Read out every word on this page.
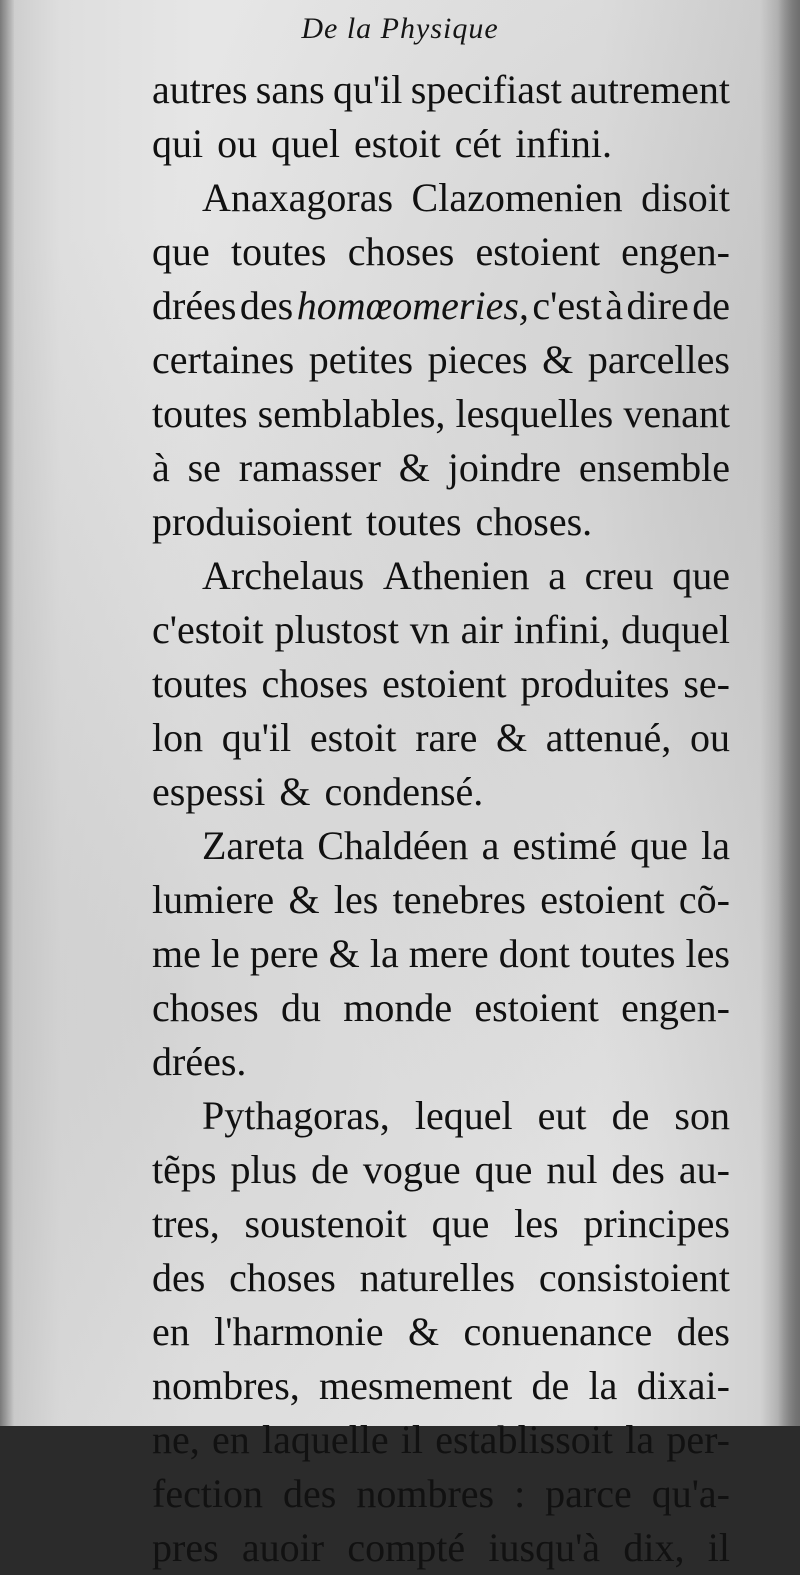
De la Physique
autres sans qu'il specifiast autrement
qui ou quel estoit cét infini.
Anaxagoras Clazomenien disoit
que toutes choses estoient engen-
drées des homœomeries, c'est à dire de
certaines petites pieces & parcelles
toutes semblables, lesquelles venant
à se ramasser & joindre ensemble
produisoient toutes choses.
Archelaus Athenien a creu que
c'estoit plustost vn air infini, duquel
toutes choses estoient produites se-
lon qu'il estoit rare & attenué, ou
espessi & condensé.
Zareta Chaldéen a estimé que la
lumiere & les tenebres estoient cõ-
me le pere & la mere dont toutes les
choses du monde estoient engen-
drées.
Pythagoras, lequel eut de son
tẽps plus de vogue que nul des au-
tres, soustenoit que les principes
des choses naturelles consistoient
en l'harmonie & conuenance des
nombres, mesmement de la dixai-
ne, en laquelle il establissoit la per-
fection des nombres : parce qu'a-
pres auoir compté iusqu'à dix, il
